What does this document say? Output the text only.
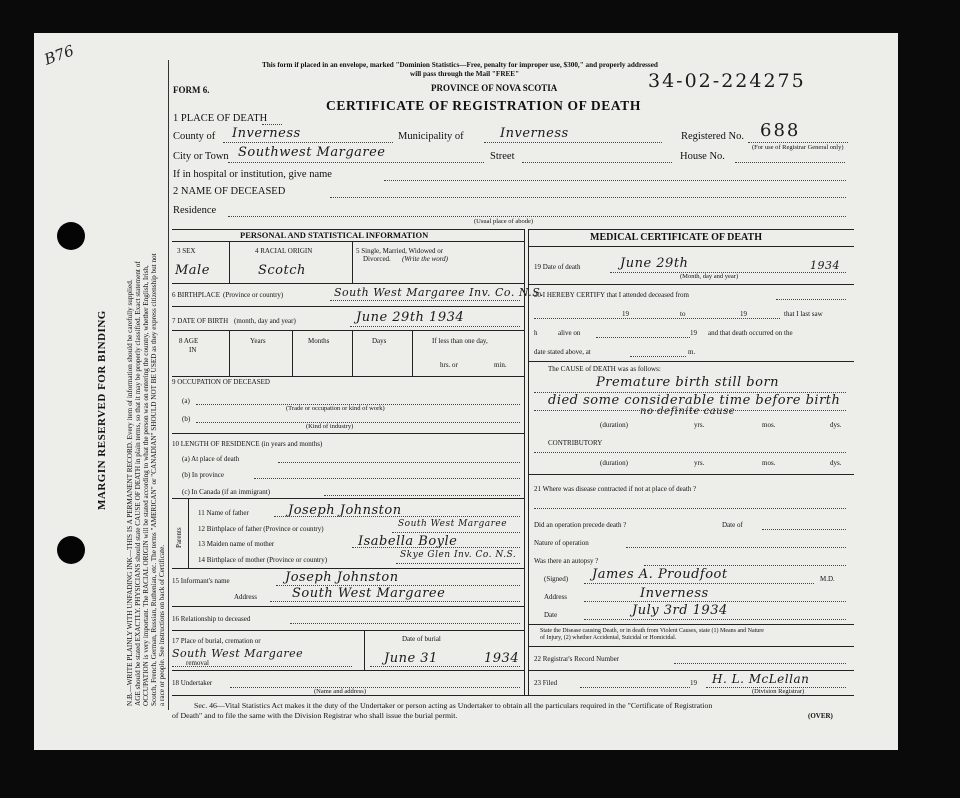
B76
MARGIN RESERVED FOR BINDING	N.B.—WRITE PLAINLY WITH UNFADING INK—THIS IS A PERMANENT RECORD. Every item of information should be carefully supplied. AGE should be stated EXACTLY. PHYSICIANS should state CAUSE OF DEATH in plain terms, so that it may be properly classified. Exact statement of OCCUPATION is very important. The RACIAL ORIGIN will be stated according to what the person was on entering the country, whether English, Irish, Scotch, French, German, Russian, Ruthenian, etc. The terms "AMERICAN" or "CANADIAN" SHOULD NOT BE USED as they express citizenship but not a race or people. See instructions on back of Certificate.
This form if placed in an envelope, marked "Dominion Statistics—Free, penalty for improper use, $300," and properly addressed
will pass through the Mail "FREE"
PROVINCE OF NOVA SCOTIA	34-02-224275
FORM 6.
CERTIFICATE OF REGISTRATION OF DEATH
1 PLACE OF DEATH
County of Inverness	Municipality of	Inverness	Registered No. 688
(For use of Registrar General only)
City or Town Southwest Margaree	Street	House No.
If in hospital or institution, give name
2 NAME OF DECEASED
Residence
(Usual place of abode)
PERSONAL AND STATISTICAL INFORMATION
3 SEX
Male
4 RACIAL ORIGIN
Scotch
5 Single, Married, Widowed or
Divorced. (Write the word)
6 BIRTHPLACE (Province or country)	South West Margaree Inv. Co. N.S.
7 DATE OF BIRTH (month, day and year)	June 29th 1934
8 AGE
IN
Years	Months	Days	If less than one day,
hrs. or	min.
9 OCCUPATION OF DECEASED
(a)
(Trade or occupation or kind of work)
(b)
(Kind of industry)
10 LENGTH OF RESIDENCE (in years and months)
(a) At place of death
(b) In province
(c) In Canada (if an immigrant)
Parents
11 Name of father	Joseph Johnston
12 Birthplace of father (Province or country)	South West Margaree
13 Maiden name of mother	Isabella Boyle
14 Birthplace of mother (Province or country)	Skye Glen Inv. Co. N.S.
15 Informant's name	Joseph Johnston
Address	South West Margaree
16 Relationship to deceased
17 Place of burial, cremation or
South West Margaree
removal
Date of burial
June 31	1934
18 Undertaker
(Name and address)
MEDICAL CERTIFICATE OF DEATH
19 Date of death	June 29th	1934
(Month, day and year)
20 I HEREBY CERTIFY that I attended deceased from
19	to	19	that I last saw
h	alive on	19 and that death occurred on the
date stated above, at	m.
The CAUSE of DEATH was as follows:
Premature birth still born
died some considerable time before birth
no definite cause
(duration)	yrs.	mos.	dys.
CONTRIBUTORY
(duration)	yrs.	mos.	dys.
21 Where was disease contracted if not at place of death ?
Did an operation precede death ?	Date of
Nature of operation
Was there an autopsy ?
(Signed) James A. Proudfoot	M.D.
Address	Inverness
Date	July 3rd 1934
State the Disease causing Death, or in death from Violent Causes, state (1) Means and Nature
of Injury, (2) whether Accidental, Suicidal or Homicidal.
22 Registrar's Record Number
23 Filed	19 H. L. McLellan
(Division Registrar)
Sec. 46—Vital Statistics Act makes it the duty of the Undertaker or person acting as Undertaker to obtain all the particulars required in the "Certificate of Registration
of Death" and to file the same with the Division Registrar who shall issue the burial permit.	(OVER)
